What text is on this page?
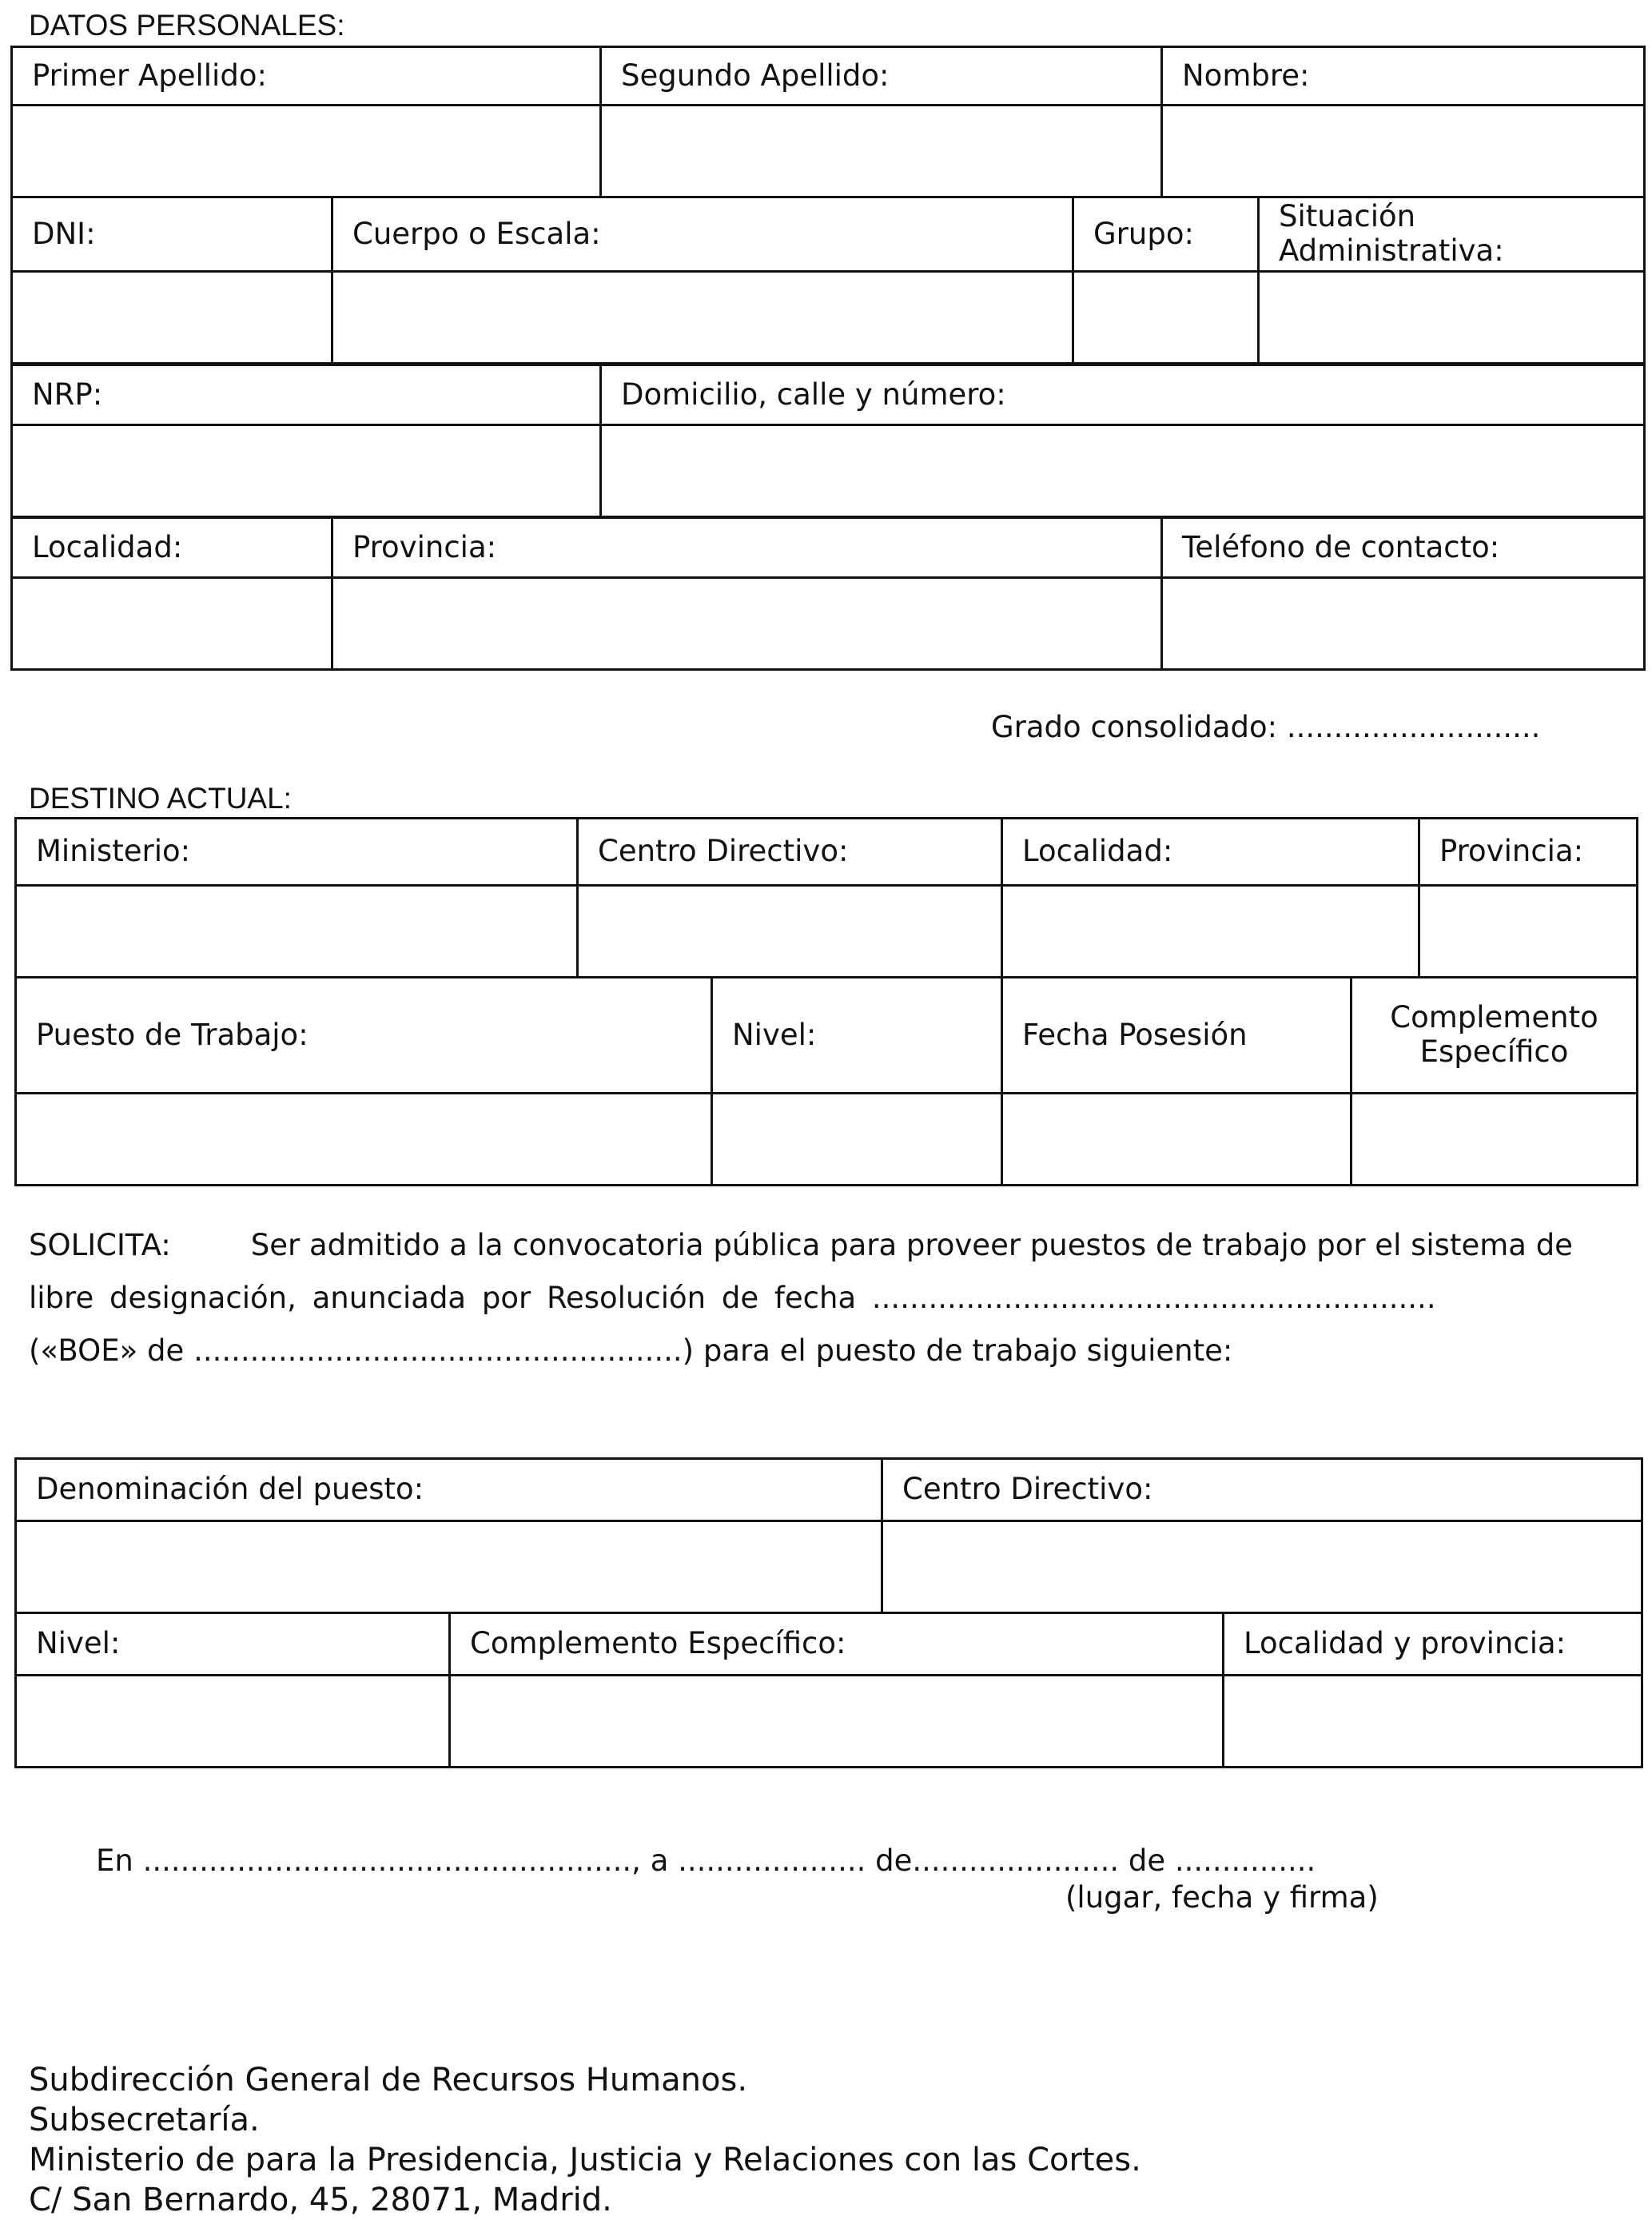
DATOS PERSONALES:
Primer Apellido:	Segundo Apellido:	Nombre:

DNI:	Cuerpo o Escala:	Grupo:	Situación
Administrativa:

NRP:	Domicilio, calle y número:

Localidad:	Provincia:	Teléfono de contacto:

Grado consolidado: ...........................
DESTINO ACTUAL:
Ministerio:	Centro Directivo:	Localidad:	Provincia:

Puesto de Trabajo:	Nivel:	Fecha Posesión	Complemento
Específico

SOLICITA:	Ser admitido a la convocatoria pública para proveer puestos de trabajo por el sistema de
libre designación, anunciada por Resolución de fecha ............................................................
(«BOE» de ....................................................) para el puesto de trabajo siguiente:
Denominación del puesto:	Centro Directivo:

Nivel:	Complemento Específico:	Localidad y provincia:

En ...................................................., a .................... de...................... de ...............
(lugar, fecha y firma)
Subdirección General de Recursos Humanos.
Subsecretaría.
Ministerio de para la Presidencia, Justicia y Relaciones con las Cortes.
C/ San Bernardo, 45, 28071, Madrid.
